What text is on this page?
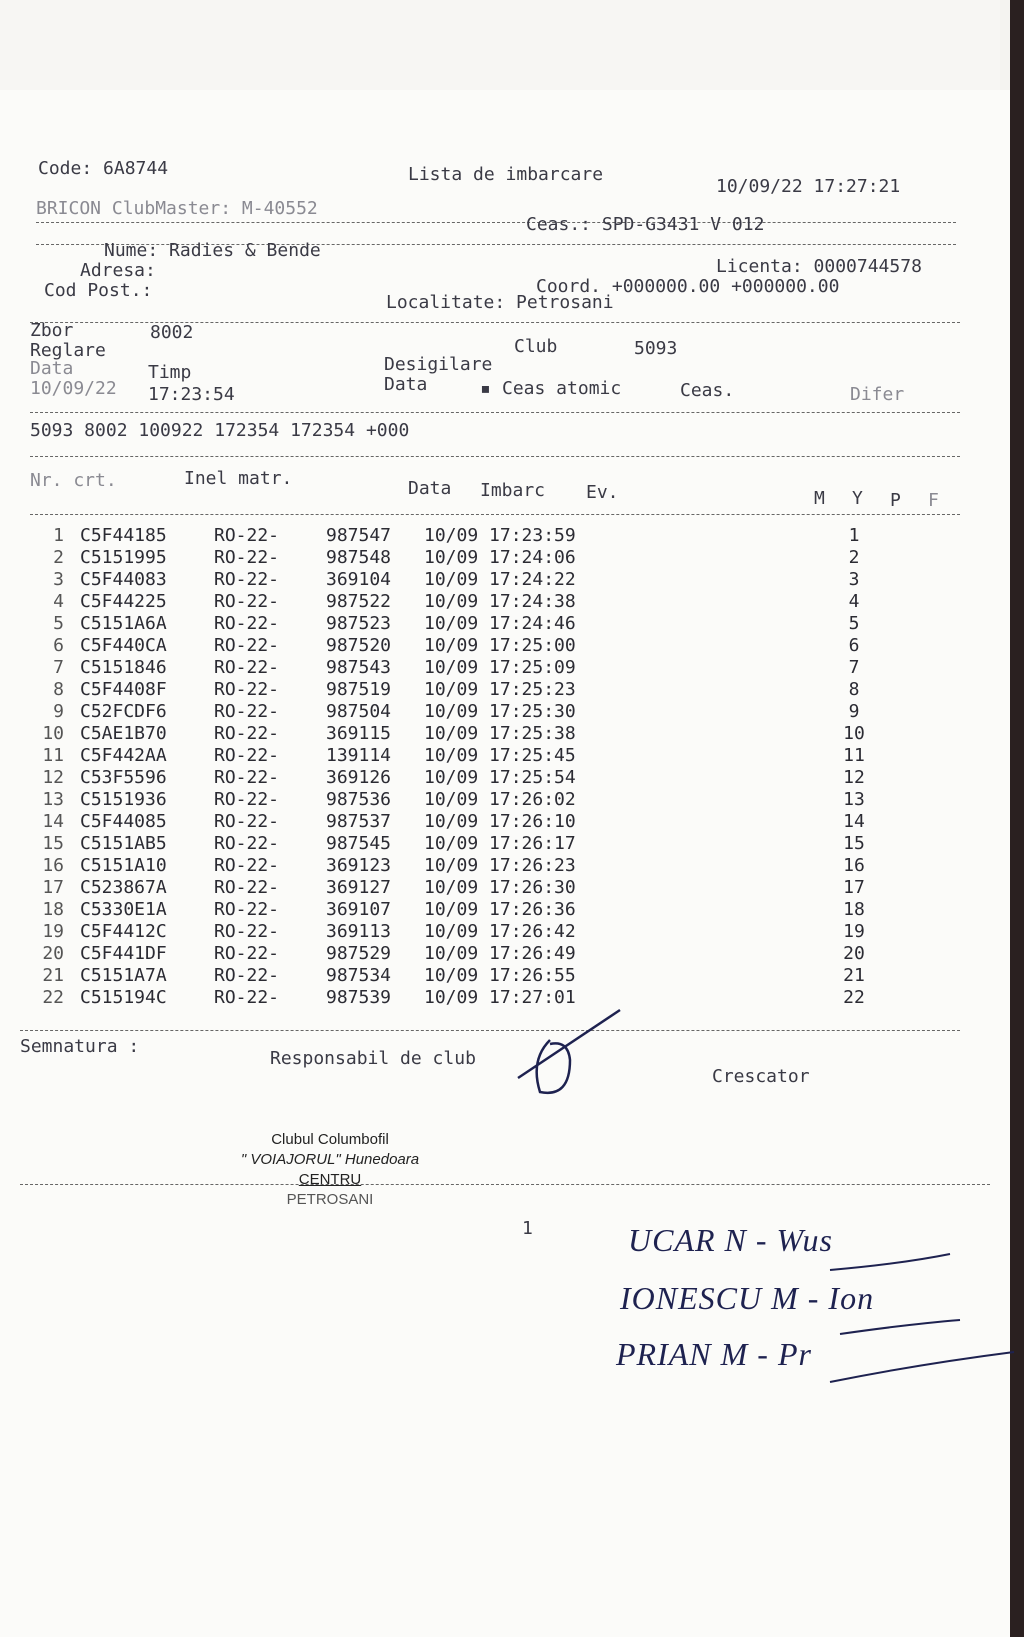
Code: 6A8744	Lista de imbarcare
10/09/22 17:27:21
BRICON ClubMaster: M-40552
Ceas.: SPD-G3431 V 012
Nume: Radies & Bende
Adresa:	Licenta: 0000744578
Cod Post.:	Coord. +000000.00 +000000.00
Localitate: Petrosani
Zbor	8002
Reglare	Club	5093
Data	Timp	Desigilare
10/09/22 17:23:54	Data	▪ Ceas atomic	Ceas.	Difer
5093 8002 100922 172354 172354 +000
Nr. crt.	Inel matr.	Data Imbarc Ev.	M Y P F
1 C5F44185	RO-22-	987547 10/09 17:23:59	1
2 C5151995	RO-22-	987548 10/09 17:24:06	2
3 C5F44083	RO-22-	369104 10/09 17:24:22	3
4 C5F44225	RO-22-	987522 10/09 17:24:38	4
5 C5151A6A	RO-22-	987523 10/09 17:24:46	5
6 C5F440CA	RO-22-	987520 10/09 17:25:00	6
7 C5151846	RO-22-	987543 10/09 17:25:09	7
8 C5F4408F	RO-22-	987519 10/09 17:25:23	8
9 C52FCDF6	RO-22-	987504 10/09 17:25:30	9
10 C5AE1B70	RO-22-	369115 10/09 17:25:38	10
11 C5F442AA	RO-22-	139114 10/09 17:25:45	11
12 C53F5596	RO-22-	369126 10/09 17:25:54	12
13 C5151936	RO-22-	987536 10/09 17:26:02	13
14 C5F44085	RO-22-	987537 10/09 17:26:10	14
15 C5151AB5	RO-22-	987545 10/09 17:26:17	15
16 C5151A10	RO-22-	369123 10/09 17:26:23	16
17 C523867A	RO-22-	369127 10/09 17:26:30	17
18 C5330E1A	RO-22-	369107 10/09 17:26:36	18
19 C5F4412C	RO-22-	369113 10/09 17:26:42	19
20 C5F441DF	RO-22-	987529 10/09 17:26:49	20
21 C5151A7A	RO-22-	987534 10/09 17:26:55	21
22 C515194C	RO-22-	987539 10/09 17:27:01	22
Semnatura :
Responsabil de club
Crescator
Clubul Columbofil
" VOIAJORUL" Hunedoara
CENTRU
PETROSANI
1	UCAR N - Wus
IONESCU M - Ion
PRIAN M - Pr
